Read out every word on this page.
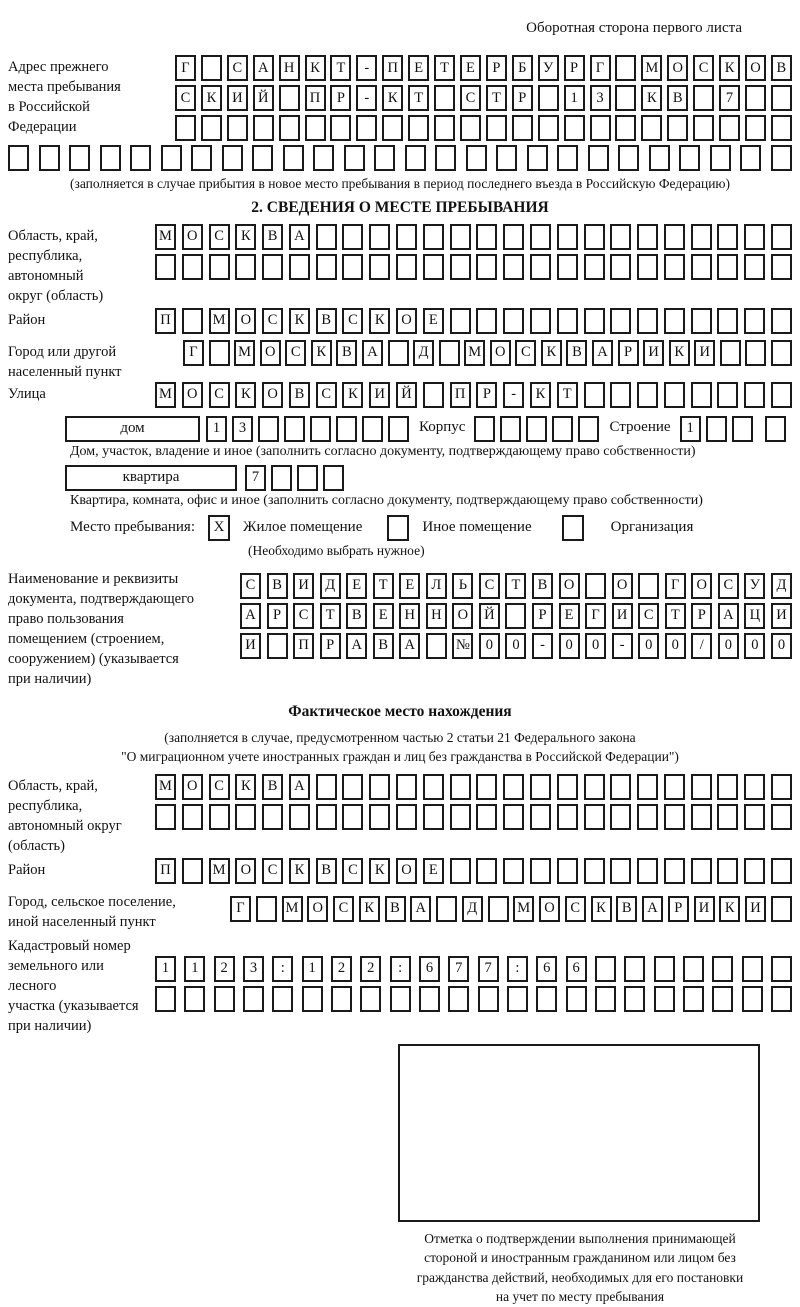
Оборотная сторона первого листа
Адрес прежнего
места пребывания
в Российской
Федерации
Г	С	А	Н	К	Т	-	П	Е	Т	Е	Р	Б	У	Р	Г	М О	С	К	О	В
С	К	И	Й	П	Р	-	К	Т	С	Т	Р	1	3	К	В	7
(заполняется в случае прибытия в новое место пребывания в период последнего въезда в Российскую Федерацию)
2. СВЕДЕНИЯ О МЕСТЕ ПРЕБЫВАНИЯ
Область, край,
республика,
автономный
округ (область)
М	О	С	К	В	А
Район	П	М	О	С	К	В	С	К	О	Е
Город или другой
населенный пункт
Г	М О	С	К	В	А	Д	М О	С	К	В	А	Р	И	К	И
Улица	М	О	С	К	О	В	С	К	И	Й	П	Р	-	К	Т
дом	1	3	Корпус	Строение	1
Дом, участок, владение и иное (заполнить согласно документу, подтверждающему право собственности)
квартира	7
Квартира, комната, офис и иное (заполнить согласно документу, подтверждающему право собственности)
Место пребывания:	X	Жилое помещение	Иное помещение	Организация
(Необходимо выбрать нужное)
Наименование и реквизиты
документа, подтверждающего
право пользования
помещением (строением,
сооружением) (указывается
при наличии)
С	В	И	Д	Е	Т	Е	Л	Ь	С	Т	В	О	О	Г	О	С	У	Д
А	Р	С	Т	В	Е	Н	Н	О	Й	Р	Е	Г	И	С	Т	Р	А	Ц	И
И	П	Р	А	В	А	№	0	0	-	0	0	-	0	0	/	0	0	0
Фактическое место нахождения
(заполняется в случае, предусмотренном частью 2 статьи 21 Федерального закона
"О миграционном учете иностранных граждан и лиц без гражданства в Российской Федерации")
Область, край,
республика,
автономный округ
(область)
М	О	С	К	В	А
Район	П	М	О	С	К	В	С	К	О	Е
Город, сельское поселение,
иной населенный пункт
Г	М О	С	К	В	А	Д	М О	С	К	В	А	Р	И	К	И
Кадастровый номер
земельного или лесного
участка (указывается
при наличии)
1	1	2	3	:	1	2	2	:	6	7	7	:	6	6
Отметка о подтверждении выполнения принимающей
стороной и иностранным гражданином или лицом без
гражданства действий, необходимых для его постановки
на учет по месту пребывания
